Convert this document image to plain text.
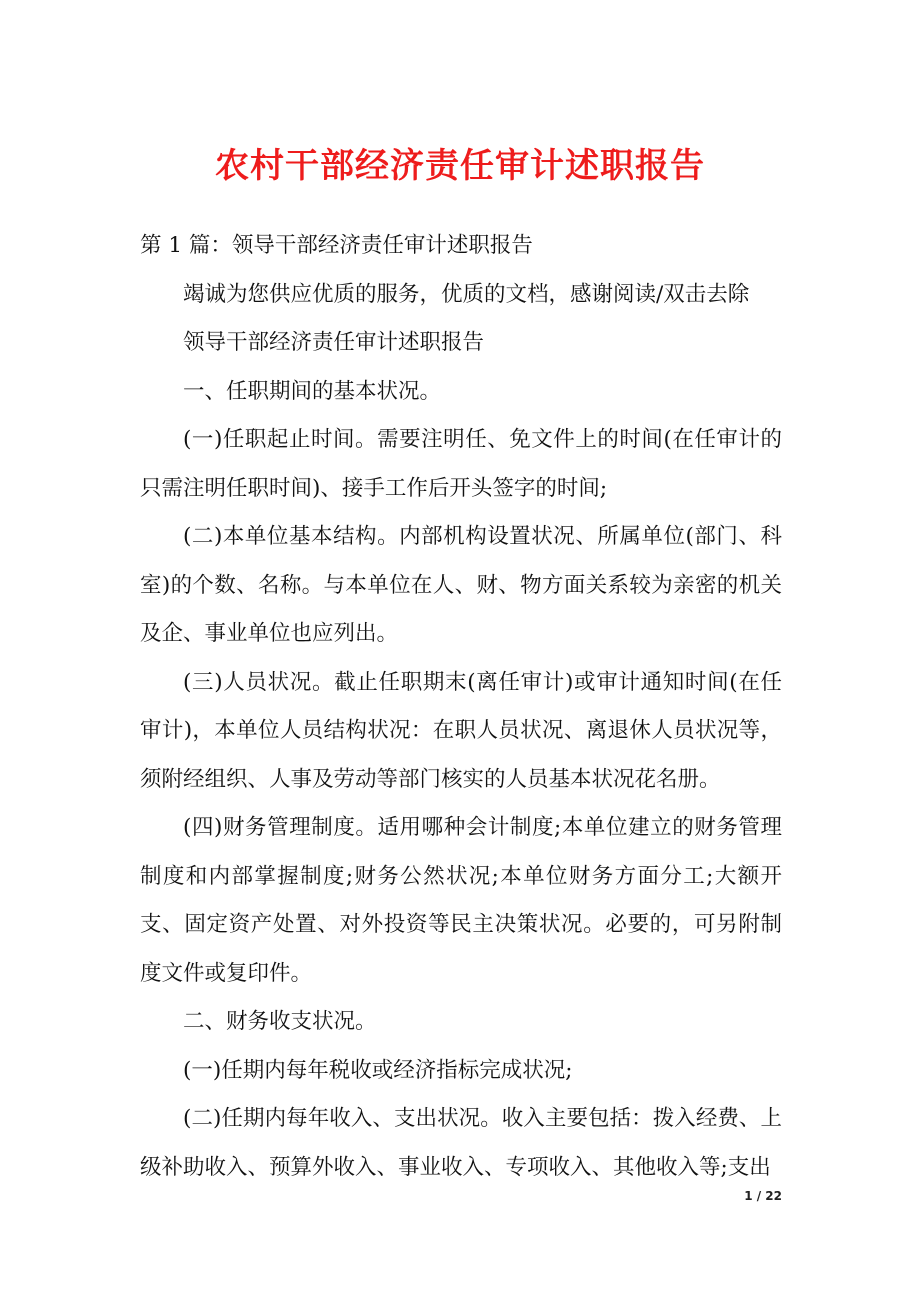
农村干部经济责任审计述职报告

第 1 篇：领导干部经济责任审计述职报告

竭诚为您供应优质的服务，优质的文档，感谢阅读/双击去除

领导干部经济责任审计述职报告

一、任职期间的基本状况。

(一)任职起止时间。需要注明任、免文件上的时间(在任审计的只需注明任职时间)、接手工作后开头签字的时间;

(二)本单位基本结构。内部机构设置状况、所属单位(部门、科室)的个数、名称。与本单位在人、财、物方面关系较为亲密的机关及企、事业单位也应列出。

(三)人员状况。截止任职期末(离任审计)或审计通知时间(在任审计)，本单位人员结构状况：在职人员状况、离退休人员状况等，须附经组织、人事及劳动等部门核实的人员基本状况花名册。

(四)财务管理制度。适用哪种会计制度;本单位建立的财务管理制度和内部掌握制度;财务公然状况;本单位财务方面分工;大额开支、固定资产处置、对外投资等民主决策状况。必要的，可另附制度文件或复印件。

二、财务收支状况。

(一)任期内每年税收或经济指标完成状况;

(二)任期内每年收入、支出状况。收入主要包括：拨入经费、上级补助收入、预算外收入、事业收入、专项收入、其他收入等;支出

1 / 22
